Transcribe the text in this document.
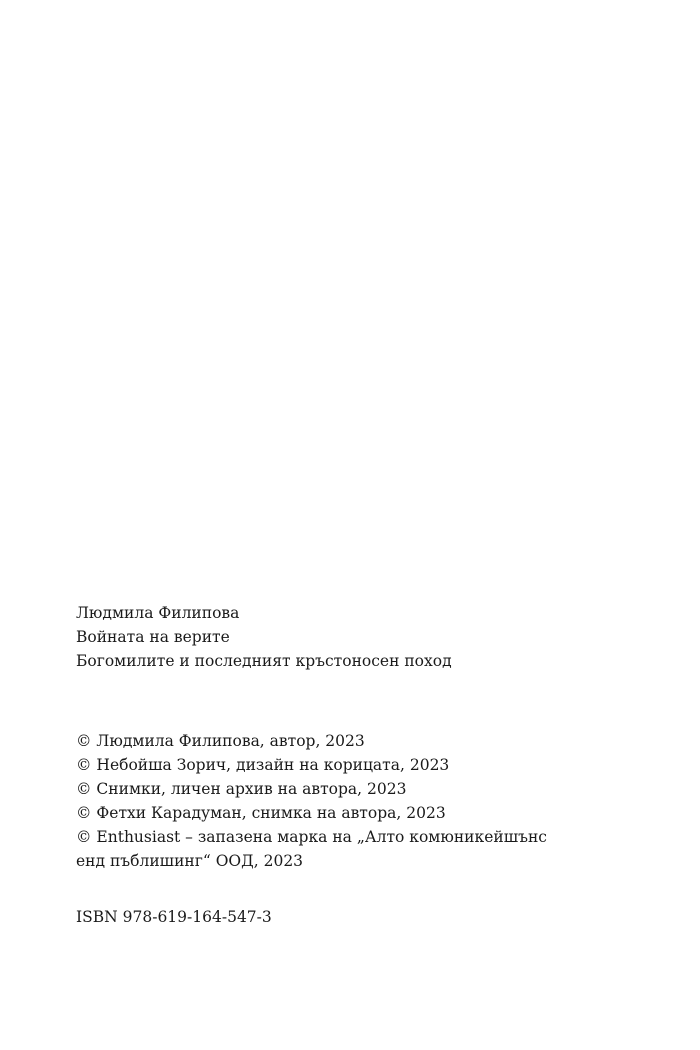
Людмила Филипова
Войната на верите
Богомилите и последният кръстоносен поход
© Людмила Филипова, автор, 2023
© Небойша Зорич, дизайн на корицата, 2023
© Снимки, личен архив на автора, 2023
© Фетхи Карадуман, снимка на автора, 2023
© Enthusiast – запазена марка на „Алто комюникейшънс
енд пъблишинг“ ООД, 2023
ISBN 978-619-164-547-3
